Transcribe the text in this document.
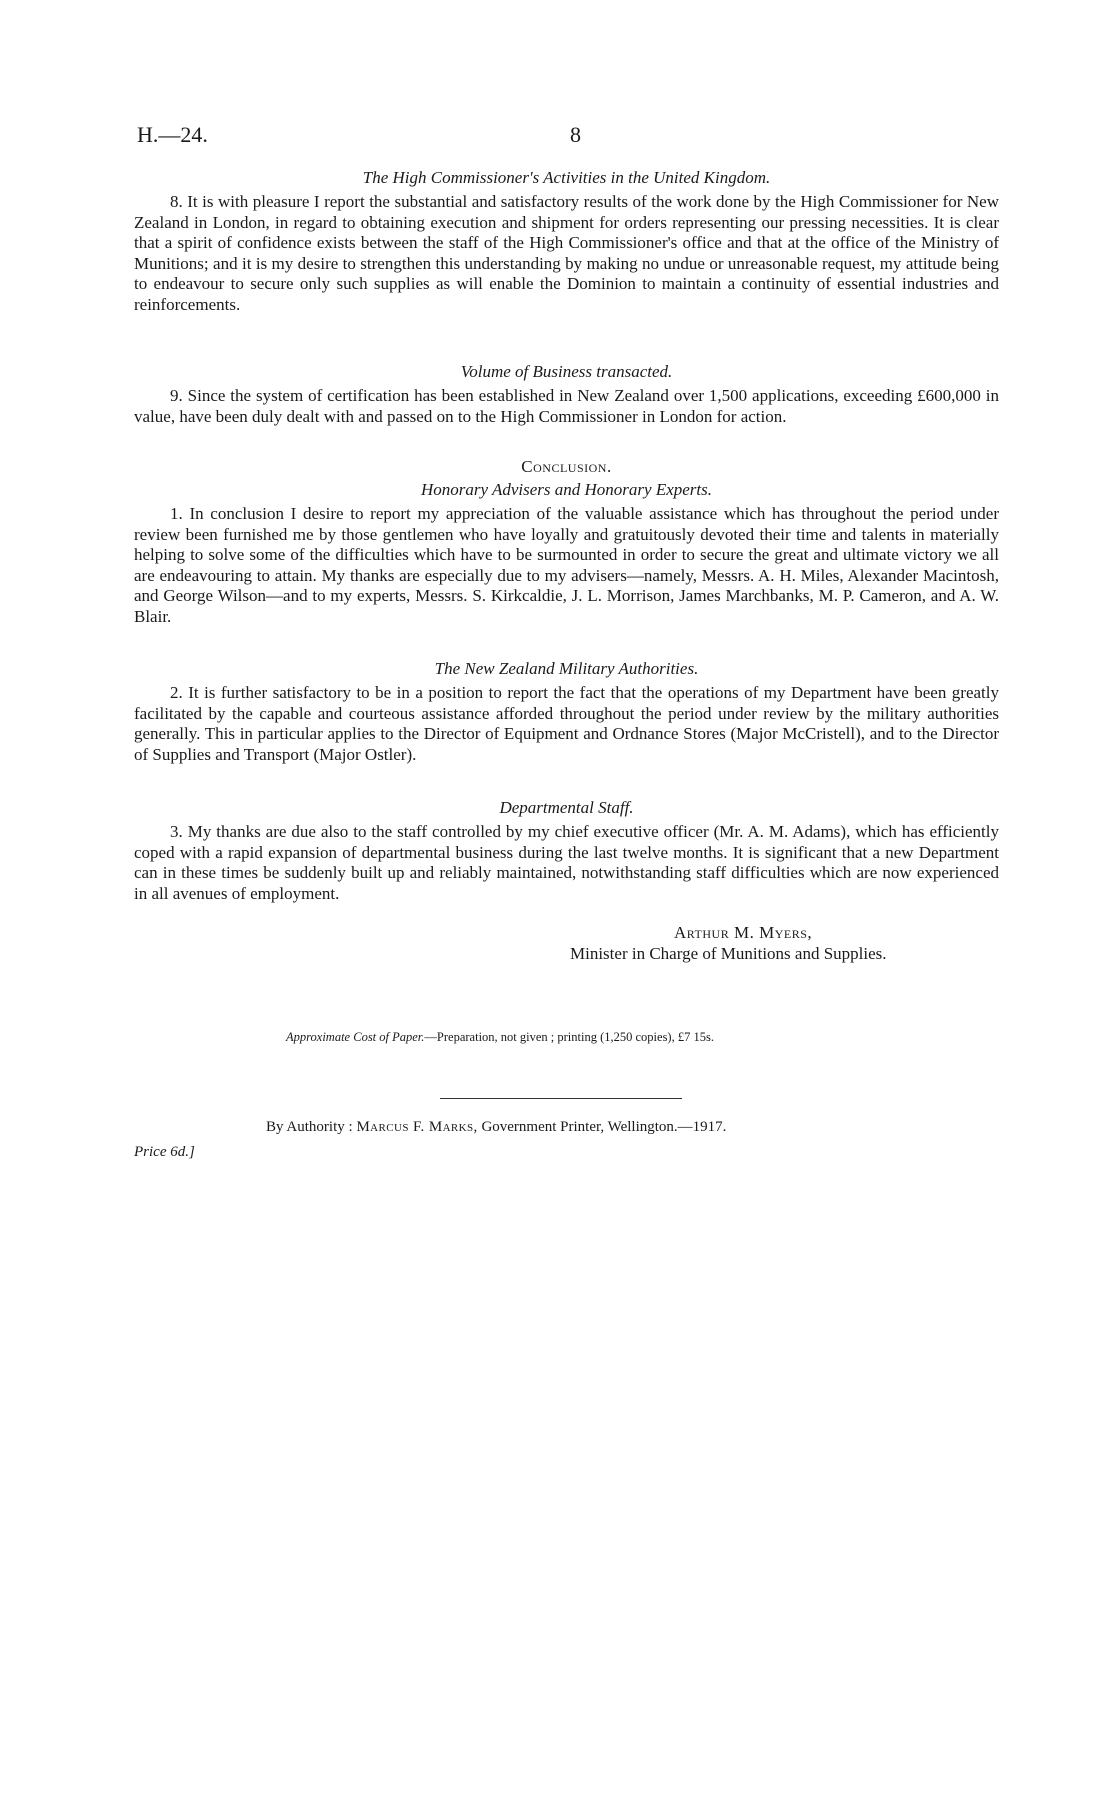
H.—24.	8

The High Commissioner's Activities in the United Kingdom.

8. It is with pleasure I report the substantial and satisfactory results of the work done by the High Commissioner for New Zealand in London, in regard to obtaining execution and shipment for orders representing our pressing necessities. It is clear that a spirit of confidence exists between the staff of the High Commissioner's office and that at the office of the Ministry of Munitions; and it is my desire to strengthen this understanding by making no undue or unreasonable request, my attitude being to endeavour to secure only such supplies as will enable the Dominion to maintain a continuity of essential industries and reinforcements.

Volume of Business transacted.

9. Since the system of certification has been established in New Zealand over 1,500 applications, exceeding £600,000 in value, have been duly dealt with and passed on to the High Commissioner in London for action.

Conclusion.

Honorary Advisers and Honorary Experts.

1. In conclusion I desire to report my appreciation of the valuable assistance which has throughout the period under review been furnished me by those gentlemen who have loyally and gratuitously devoted their time and talents in materially helping to solve some of the difficulties which have to be surmounted in order to secure the great and ultimate victory we all are endeavouring to attain. My thanks are especially due to my advisers—namely, Messrs. A. H. Miles, Alexander Macintosh, and George Wilson—and to my experts, Messrs. S. Kirkcaldie, J. L. Morrison, James Marchbanks, M. P. Cameron, and A. W. Blair.

The New Zealand Military Authorities.

2. It is further satisfactory to be in a position to report the fact that the operations of my Department have been greatly facilitated by the capable and courteous assistance afforded throughout the period under review by the military authorities generally. This in particular applies to the Director of Equipment and Ordnance Stores (Major McCristell), and to the Director of Supplies and Transport (Major Ostler).

Departmental Staff.

3. My thanks are due also to the staff controlled by my chief executive officer (Mr. A. M. Adams), which has efficiently coped with a rapid expansion of departmental business during the last twelve months. It is significant that a new Department can in these times be suddenly built up and reliably maintained, notwithstanding staff difficulties which are now experienced in all avenues of employment.

Arthur M. Myers,
Minister in Charge of Munitions and Supplies.
Approximate Cost of Paper.—Preparation, not given ; printing (1,250 copies), £7 15s.
By Authority : Marcus F. Marks, Government Printer, Wellington.—1917.
Price 6d.]
